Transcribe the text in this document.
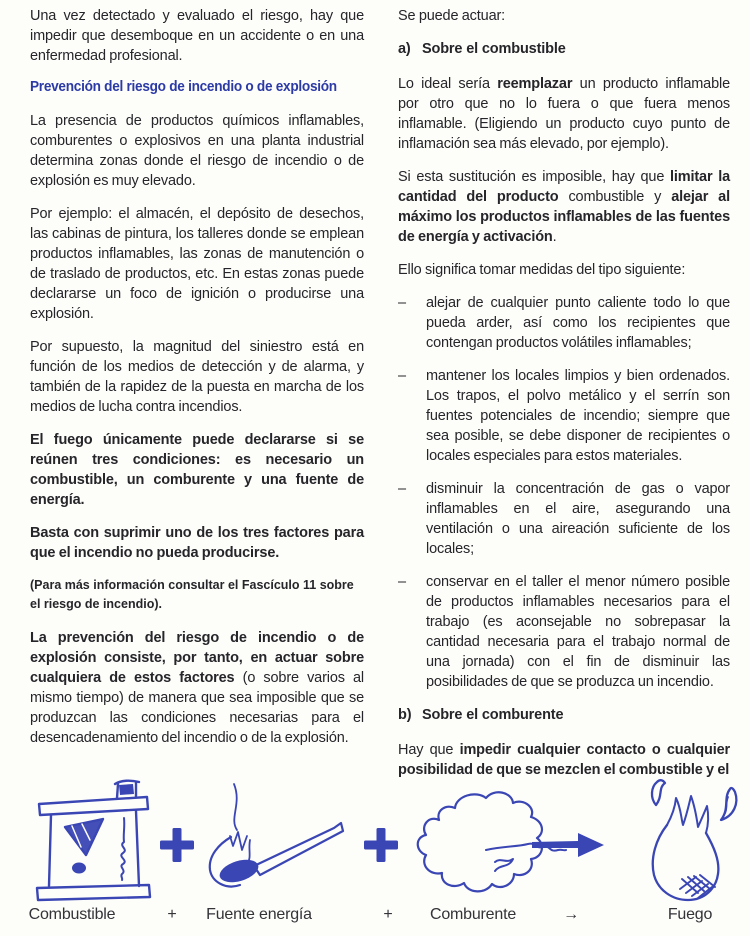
Una vez detectado y evaluado el riesgo, hay que impedir que desemboque en un accidente o en una enfermedad profesional.

Prevención del riesgo de incendio o de explosión

La presencia de productos químicos inflamables, comburentes o explosivos en una planta industrial determina zonas donde el riesgo de incendio o de explosión es muy elevado.

Por ejemplo: el almacén, el depósito de desechos, las cabinas de pintura, los talleres donde se emplean productos inflamables, las zonas de manutención o de traslado de productos, etc. En estas zonas puede declararse un foco de ignición o producirse una explosión.

Por supuesto, la magnitud del siniestro está en función de los medios de detección y de alarma, y también de la rapidez de la puesta en marcha de los medios de lucha contra incendios.

El fuego únicamente puede declararse si se reúnen tres condiciones: es necesario un combustible, un comburente y una fuente de energía.

Basta con suprimir uno de los tres factores para que el incendio no pueda producirse.

(Para más información consultar el Fascículo 11 sobre el riesgo de incendio).

La prevención del riesgo de incendio o de explosión consiste, por tanto, en actuar sobre cualquiera de estos factores (o sobre varios al mismo tiempo) de manera que sea imposible que se produzcan las condiciones necesarias para el desencadenamiento del incendio o de la explosión.

Se puede actuar:

a) Sobre el combustible

Lo ideal sería reemplazar un producto inflamable por otro que no lo fuera o que fuera menos inflamable. (Eligiendo un producto cuyo punto de inflamación sea más elevado, por ejemplo).

Si esta sustitución es imposible, hay que limitar la cantidad del producto combustible y alejar al máximo los productos inflamables de las fuentes de energía y activación.

Ello significa tomar medidas del tipo siguiente:

–	alejar de cualquier punto caliente todo lo que pueda arder, así como los recipientes que contengan productos volátiles inflamables;
–	mantener los locales limpios y bien ordenados. Los trapos, el polvo metálico y el serrín son fuentes potenciales de incendio; siempre que sea posible, se debe disponer de recipientes o locales especiales para estos materiales.
–	disminuir la concentración de gas o vapor inflamables en el aire, asegurando una ventilación o una aireación suficiente de los locales;
–	conservar en el taller el menor número posible de productos inflamables necesarios para el trabajo (es aconsejable no sobrepasar la cantidad necesaria para el trabajo normal de una jornada) con el fin de disminuir las posibilidades de que se produzca un incendio.
b) Sobre el comburente

Hay que impedir cualquier contacto o cualquier posibilidad de que se mezclen el combustible y el

Combustible	+ Fuente energía	+ Comburente	→	Fuego
